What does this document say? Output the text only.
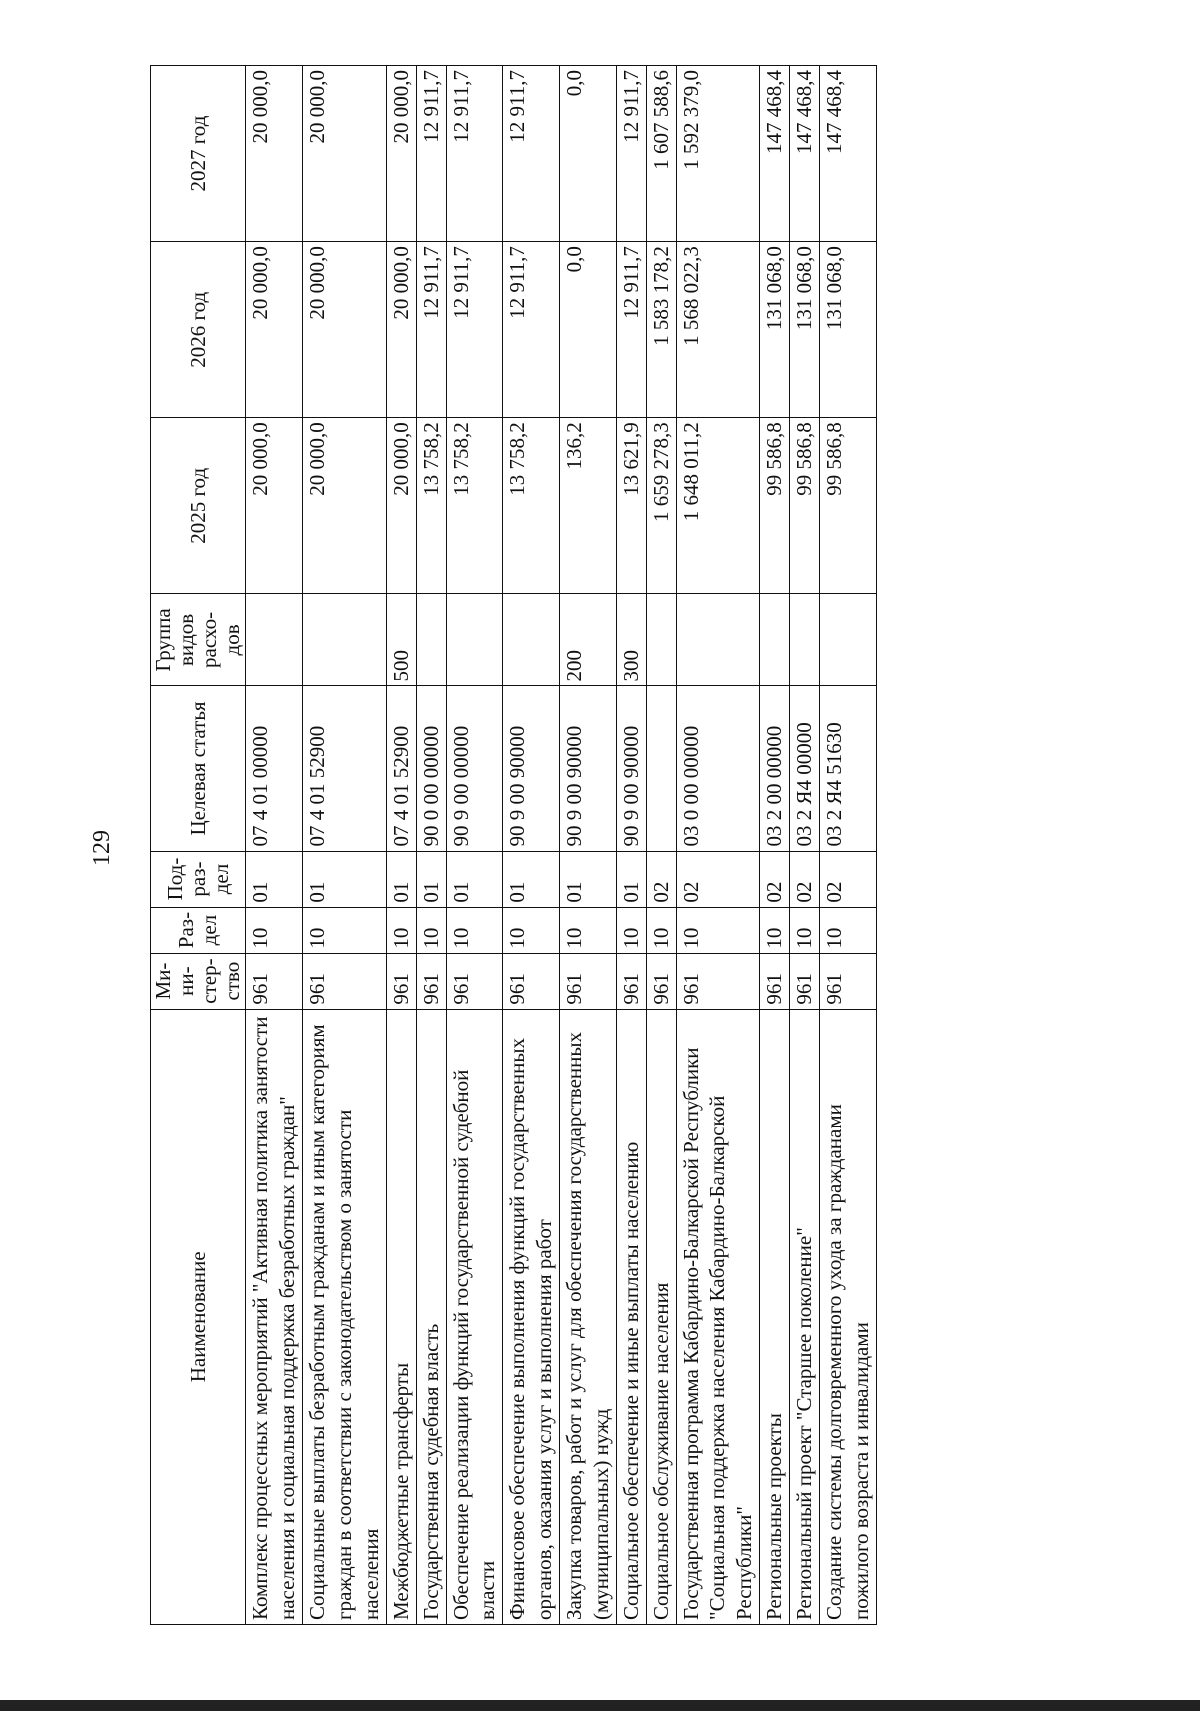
129
Наименование	Ми-ни-стер-ство	Раз-дел	Под-раз-дел	Целевая статья	Группа видов расхо-дов	2025 год	2026 год	2027 год
Комплекс процессных мероприятий "Активная политика занятости населения и социальная поддержка безработных граждан"	961	10	01	07 4 01 00000		20 000,0	20 000,0	20 000,0
Социальные выплаты безработным гражданам и иным категориям граждан в соответствии с законодательством о занятости населения	961	10	01	07 4 01 52900		20 000,0	20 000,0	20 000,0
Межбюджетные трансферты	961	10	01	07 4 01 52900	500	20 000,0	20 000,0	20 000,0
Государственная судебная власть	961	10	01	90 0 00 00000		13 758,2	12 911,7	12 911,7
Обеспечение реализации функций государственной судебной власти	961	10	01	90 9 00 00000		13 758,2	12 911,7	12 911,7
Финансовое обеспечение выполнения функций государственных органов, оказания услуг и выполнения работ	961	10	01	90 9 00 90000		13 758,2	12 911,7	12 911,7
Закупка товаров, работ и услуг для обеспечения государственных (муниципальных) нужд	961	10	01	90 9 00 90000	200	136,2	0,0	0,0
Социальное обеспечение и иные выплаты населению	961	10	01	90 9 00 90000	300	13 621,9	12 911,7	12 911,7
Социальное обслуживание населения	961	10	02			1 659 278,3	1 583 178,2	1 607 588,6
Государственная программа Кабардино-Балкарской Республики "Социальная поддержка населения Кабардино-Балкарской Республики"	961	10	02	03 0 00 00000		1 648 011,2	1 568 022,3	1 592 379,0
Региональные проекты	961	10	02	03 2 00 00000		99 586,8	131 068,0	147 468,4
Региональный проект "Старшее поколение"	961	10	02	03 2 Я4 00000		99 586,8	131 068,0	147 468,4
Создание системы долговременного ухода за гражданами пожилого возраста и инвалидами	961	10	02	03 2 Я4 51630		99 586,8	131 068,0	147 468,4
